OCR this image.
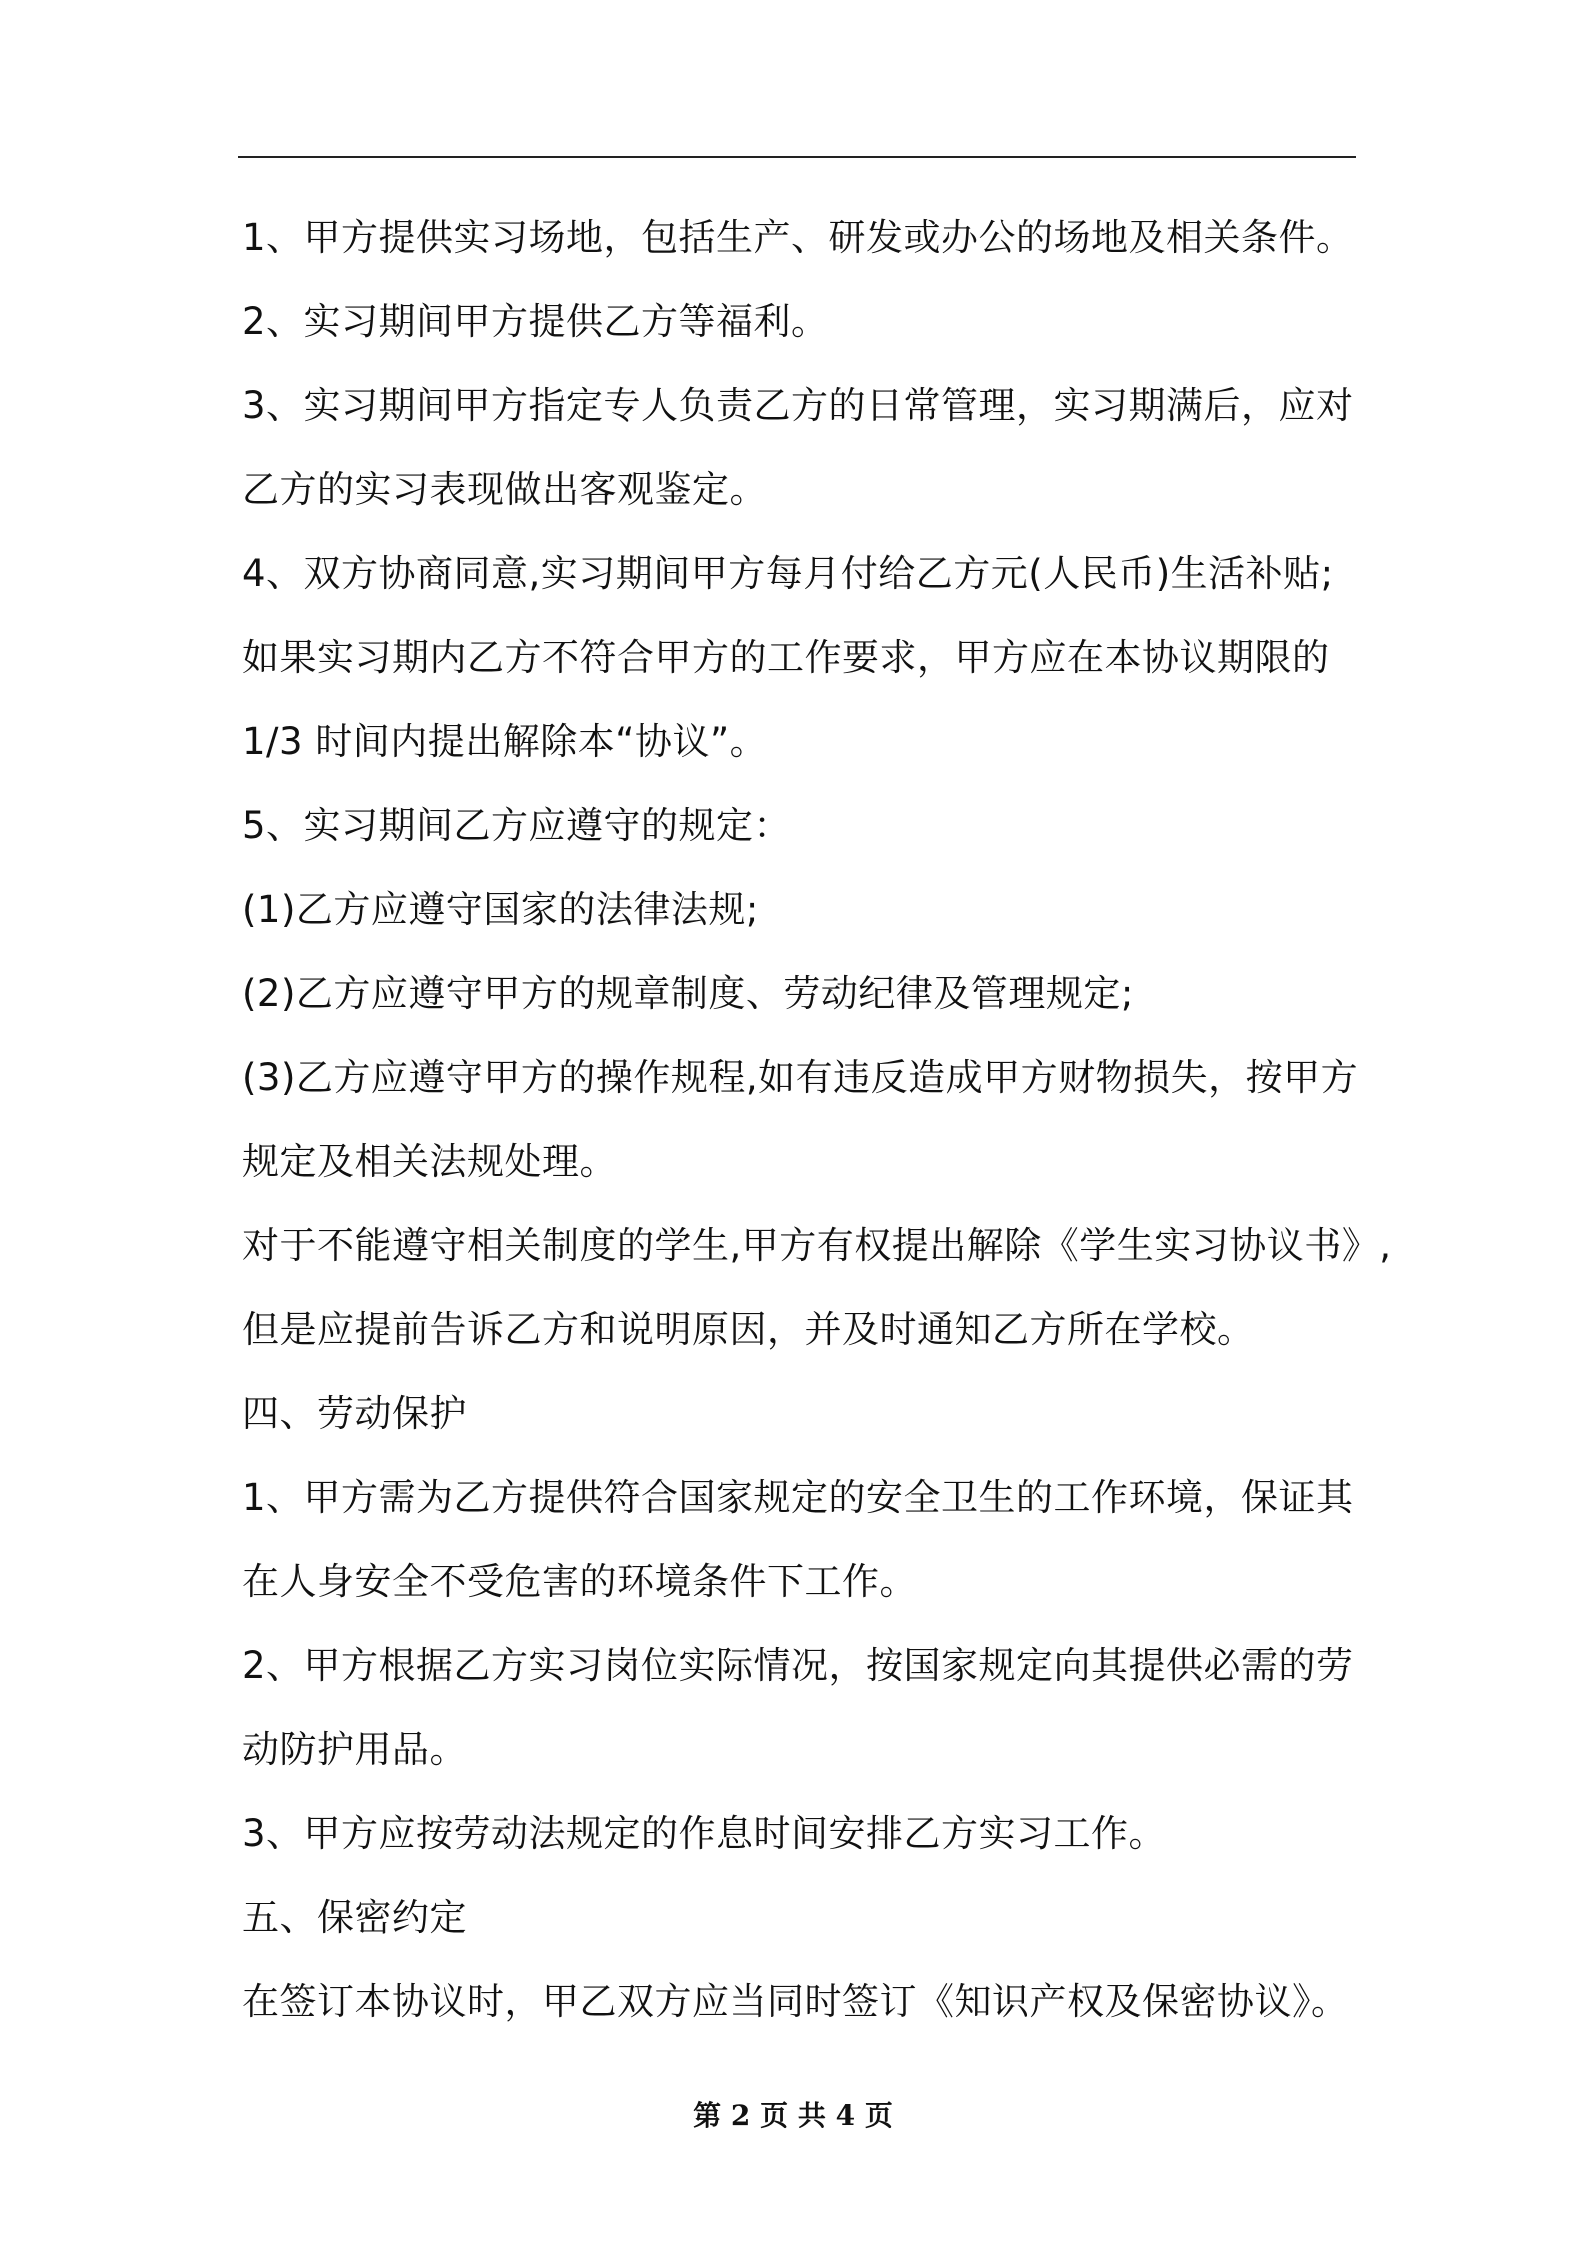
1、甲方提供实习场地，包括生产、研发或办公的场地及相关条件。
2、实习期间甲方提供乙方等福利。
3、实习期间甲方指定专人负责乙方的日常管理，实习期满后，应对
乙方的实习表现做出客观鉴定。
4、双方协商同意,实习期间甲方每月付给乙方元(人民币)生活补贴;
如果实习期内乙方不符合甲方的工作要求，甲方应在本协议期限的
1/3 时间内提出解除本“协议”。
5、实习期间乙方应遵守的规定：
(1)乙方应遵守国家的法律法规;
(2)乙方应遵守甲方的规章制度、劳动纪律及管理规定;
(3)乙方应遵守甲方的操作规程,如有违反造成甲方财物损失，按甲方
规定及相关法规处理。
对于不能遵守相关制度的学生,甲方有权提出解除《学生实习协议书》,
但是应提前告诉乙方和说明原因，并及时通知乙方所在学校。
四、劳动保护
1、甲方需为乙方提供符合国家规定的安全卫生的工作环境，保证其
在人身安全不受危害的环境条件下工作。
2、甲方根据乙方实习岗位实际情况，按国家规定向其提供必需的劳
动防护用品。
3、甲方应按劳动法规定的作息时间安排乙方实习工作。
五、保密约定
在签订本协议时，甲乙双方应当同时签订《知识产权及保密协议》。
第 2 页 共 4 页
